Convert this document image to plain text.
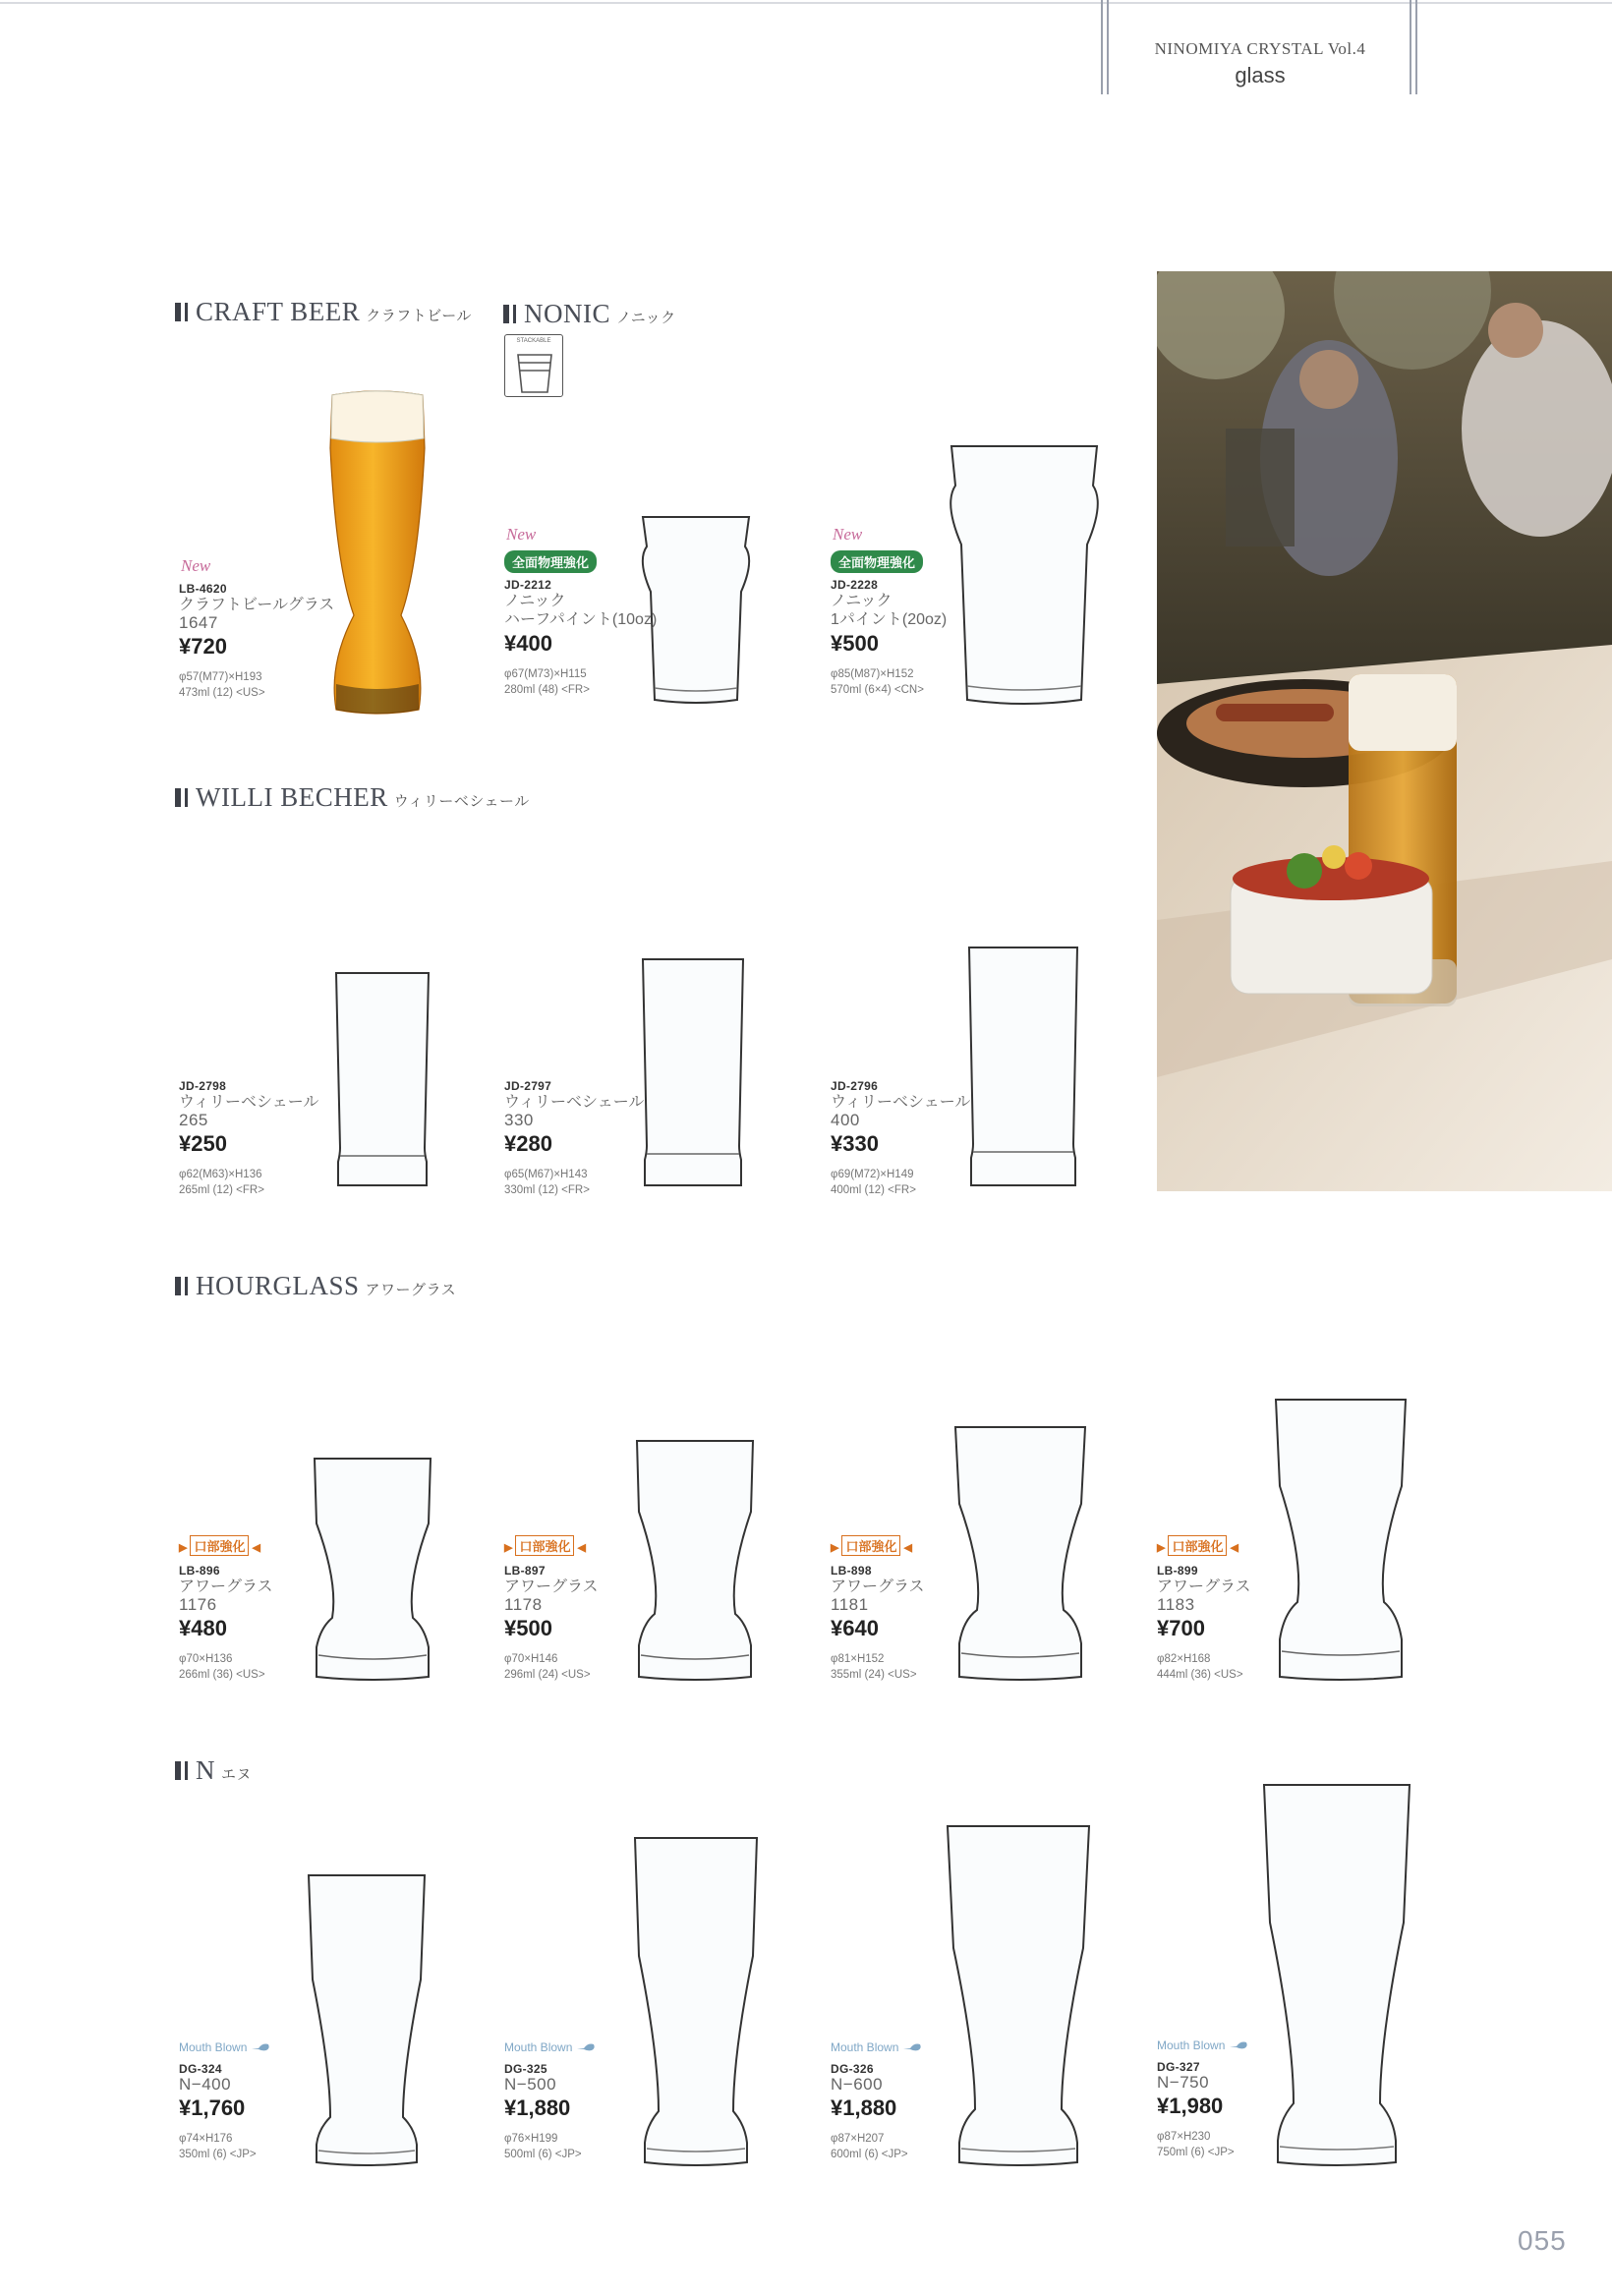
NINOMIYA CRYSTAL Vol.4
glass
CRAFT BEER クラフトビール	NONIC ノニック
STACKABLE
WILLI BECHER ウィリーベシェール
HOURGLASS アワーグラス
Nエヌ
New
LB-4620
クラフトビールグラス
1647
¥720
φ57(M77)×H193
473ml (12) <US>
New
全面物理強化
JD-2212
ノニック
ハーフパイント(10oz)
¥400
φ67(M73)×H115
280ml (48) <FR>
New
全面物理強化
JD-2228
ノニック
1パイント(20oz)
¥500
φ85(M87)×H152
570ml (6×4) <CN>
JD-2798
ウィリーベシェール
265
¥250
φ62(M63)×H136
265ml (12) <FR>
JD-2797
ウィリーベシェール
330
¥280
φ65(M67)×H143
330ml (12) <FR>
JD-2796
ウィリーベシェール
400
¥330
φ69(M72)×H149
400ml (12) <FR>
▶ 口部強化 ◀
LB-896
アワーグラス
1176
¥480
φ70×H136
266ml (36) <US>
▶ 口部強化 ◀
LB-897
アワーグラス
1178
¥500
φ70×H146
296ml (24) <US>
▶ 口部強化 ◀
LB-898
アワーグラス
1181
¥640
φ81×H152
355ml (24) <US>
▶ 口部強化 ◀
LB-899
アワーグラス
1183
¥700
φ82×H168
444ml (36) <US>
Mouth Blown
DG-324
N−400
¥1,760
φ74×H176
350ml (6) <JP>
Mouth Blown
DG-325
N−500
¥1,880
φ76×H199
500ml (6) <JP>
Mouth Blown
DG-326
N−600
¥1,880
φ87×H207
600ml (6) <JP>
Mouth Blown
DG-327
N−750
¥1,980
φ87×H230
750ml (6) <JP>
055
